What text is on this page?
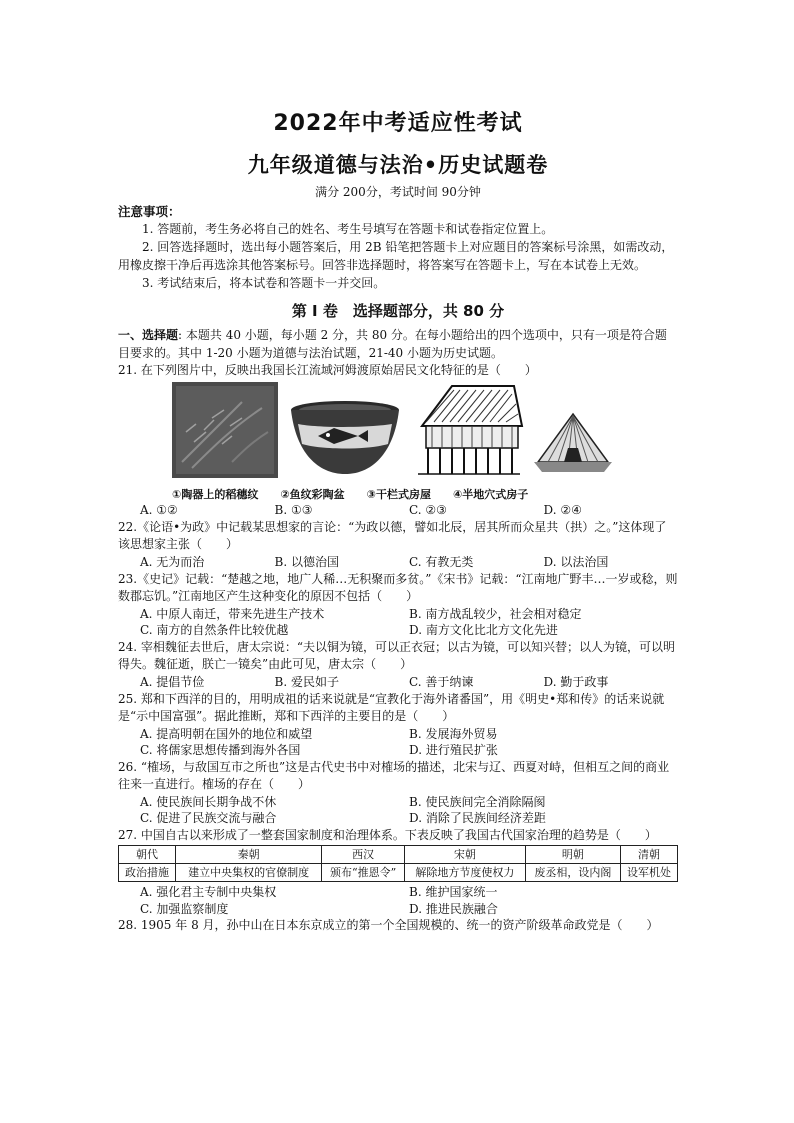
2022年中考适应性考试
九年级道德与法治•历史试题卷
满分 200分，考试时间 90分钟
注意事项：
1. 答题前，考生务必将自己的姓名、考生号填写在答题卡和试卷指定位置上。
2. 回答选择题时，选出每小题答案后，用 2B 铅笔把答题卡上对应题目的答案标号涂黑，如需改动，用橡皮擦干净后再选涂其他答案标号。回答非选择题时，将答案写在答题卡上，写在本试卷上无效。
3. 考试结束后，将本试卷和答题卡一并交回。
第 Ⅰ 卷　选择题部分，共 80 分
一、选择题: 本题共 40 小题，每小题 2 分，共 80 分。在每小题给出的四个选项中，只有一项是符合题目要求的。其中 1-20 小题为道德与法治试题，21-40 小题为历史试题。
21. 在下列图片中，反映出我国长江流域河姆渡原始居民文化特征的是（　　）
①陶器上的稻穗纹 ②鱼纹彩陶盆 ③干栏式房屋 ④半地穴式房子
A. ①②	B. ①③	C. ②③	D. ②④
22.《论语•为政》中记载某思想家的言论：“为政以德，譬如北辰，居其所而众星共（拱）之。”这体现了该思想家主张（　　）
A. 无为而治	B. 以德治国	C. 有教无类	D. 以法治国
23.《史记》记载：“楚越之地，地广人稀…无积聚而多贫。”《宋书》记载：“江南地广野丰…一岁或稔，则数郡忘饥。”江南地区产生这种变化的原因不包括（　　）
A. 中原人南迁，带来先进生产技术	B. 南方战乱较少，社会相对稳定
C. 南方的自然条件比较优越	D. 南方文化比北方文化先进
24. 宰相魏征去世后，唐太宗说：“夫以铜为镜，可以正衣冠；以古为镜，可以知兴替；以人为镜，可以明得失。魏征逝，朕亡一镜矣”由此可见，唐太宗（　　）
A. 提倡节俭	B. 爱民如子	C. 善于纳谏	D. 勤于政事
25. 郑和下西洋的目的，用明成祖的话来说就是“宣教化于海外诸番国”，用《明史•郑和传》的话来说就是“示中国富强”。据此推断，郑和下西洋的主要目的是（　　）
A. 提高明朝在国外的地位和威望	B. 发展海外贸易
C. 将儒家思想传播到海外各国	D. 进行殖民扩张
26. “榷场，与敌国互市之所也”这是古代史书中对榷场的描述，北宋与辽、西夏对峙，但相互之间的商业往来一直进行。榷场的存在（　　）
A. 使民族间长期争战不休	B. 使民族间完全消除隔阂
C. 促进了民族交流与融合	D. 消除了民族间经济差距
27. 中国自古以来形成了一整套国家制度和治理体系。下表反映了我国古代国家治理的趋势是（　　）
朝代	秦朝	西汉	宋朝	明朝	清朝
政治措施	建立中央集权的官僚制度	颁布“推恩令”	解除地方节度使权力	废丞相，设内阁	设军机处
A. 强化君主专制中央集权	B. 维护国家统一
C. 加强监察制度	D. 推进民族融合
28. 1905 年 8 月，孙中山在日本东京成立的第一个全国规模的、统一的资产阶级革命政党是（　　）
